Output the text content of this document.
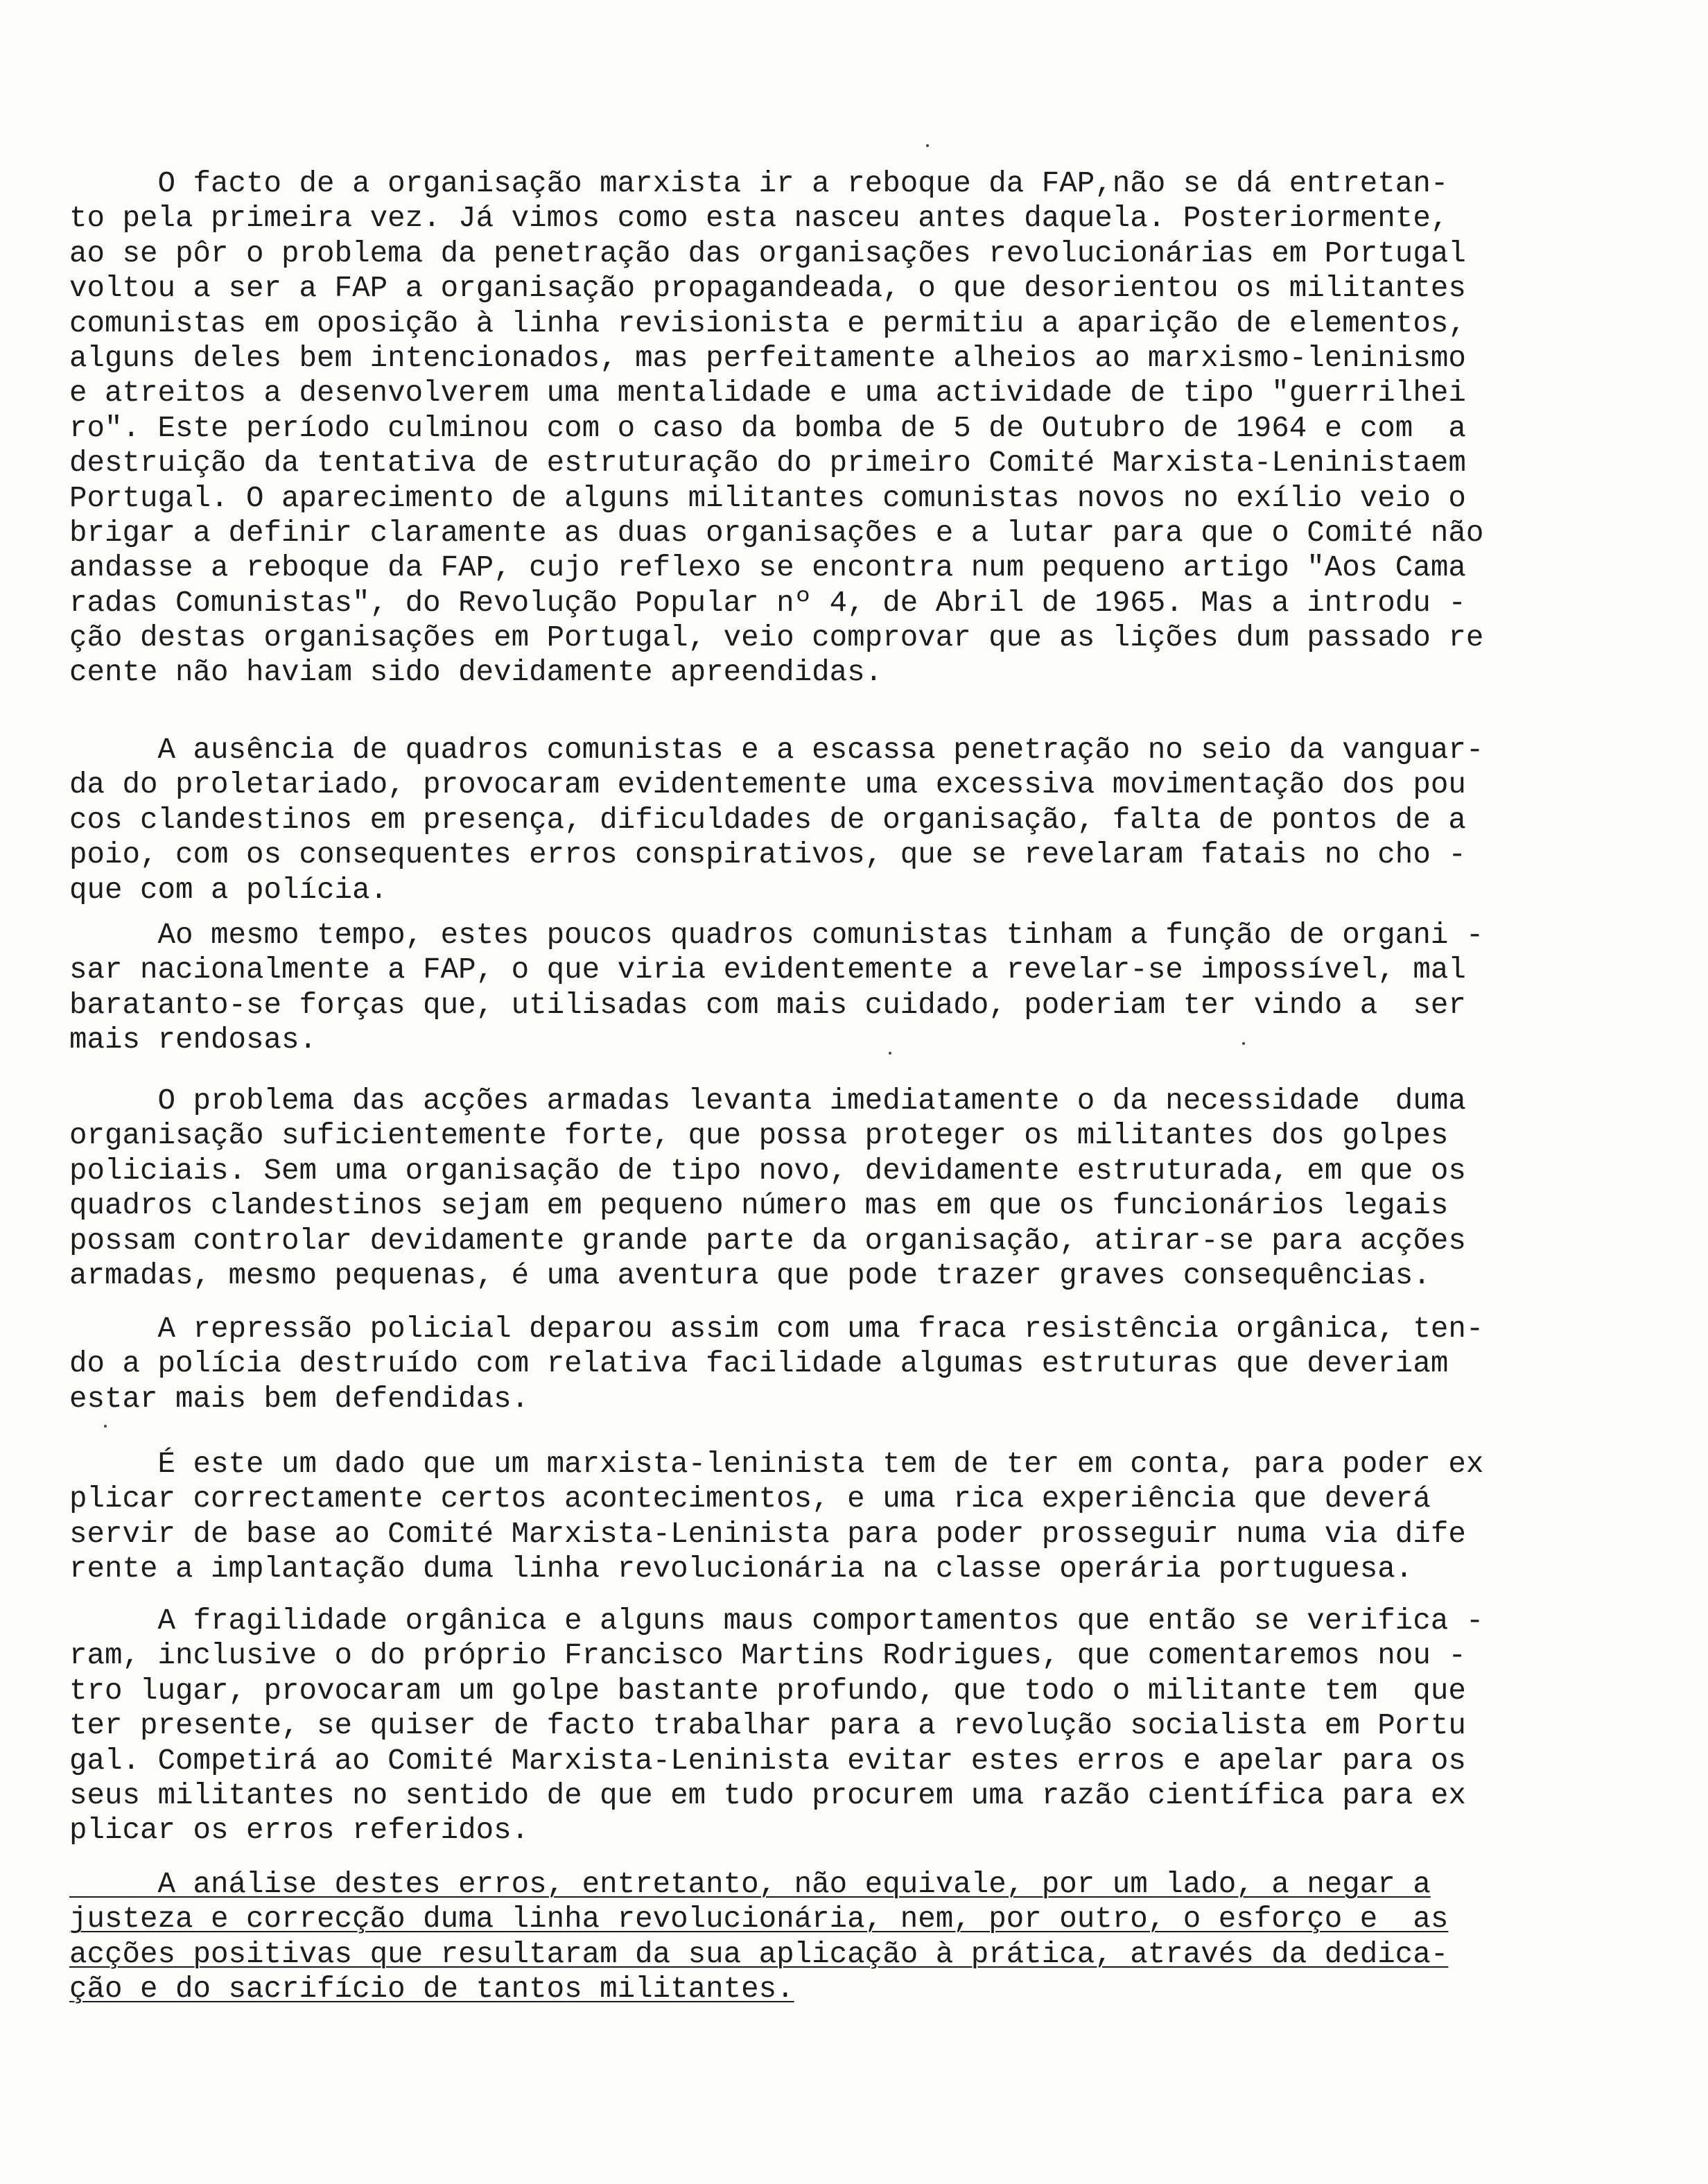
O facto de a organisação marxista ir a reboque da FAP,não se dá entretan-
to pela primeira vez. Já vimos como esta nasceu antes daquela. Posteriormente,
ao se pôr o problema da penetração das organisações revolucionárias em Portugal
voltou a ser a FAP a organisação propagandeada, o que desorientou os militantes
comunistas em oposição à linha revisionista e permitiu a aparição de elementos,
alguns deles bem intencionados, mas perfeitamente alheios ao marxismo-leninismo
e atreitos a desenvolverem uma mentalidade e uma actividade de tipo "guerrilhei
ro". Este período culminou com o caso da bomba de 5 de Outubro de 1964 e com  a
destruição da tentativa de estruturação do primeiro Comité Marxista-Leninistaem
Portugal. O aparecimento de alguns militantes comunistas novos no exílio veio o
brigar a definir claramente as duas organisações e a lutar para que o Comité não
andasse a reboque da FAP, cujo reflexo se encontra num pequeno artigo "Aos Cama
radas Comunistas", do Revolução Popular nº 4, de Abril de 1965. Mas a introdu -
ção destas organisações em Portugal, veio comprovar que as lições dum passado re
cente não haviam sido devidamente apreendidas.
A ausência de quadros comunistas e a escassa penetração no seio da vanguar-
da do proletariado, provocaram evidentemente uma excessiva movimentação dos pou
cos clandestinos em presença, dificuldades de organisação, falta de pontos de a
poio, com os consequentes erros conspirativos, que se revelaram fatais no cho -
que com a polícia.
Ao mesmo tempo, estes poucos quadros comunistas tinham a função de organi -
sar nacionalmente a FAP, o que viria evidentemente a revelar-se impossível, mal
baratanto-se forças que, utilisadas com mais cuidado, poderiam ter vindo a  ser
mais rendosas.
O problema das acções armadas levanta imediatamente o da necessidade  duma
organisação suficientemente forte, que possa proteger os militantes dos golpes
policiais. Sem uma organisação de tipo novo, devidamente estruturada, em que os
quadros clandestinos sejam em pequeno número mas em que os funcionários legais
possam controlar devidamente grande parte da organisação, atirar-se para acções
armadas, mesmo pequenas, é uma aventura que pode trazer graves consequências.
A repressão policial deparou assim com uma fraca resistência orgânica, ten-
do a polícia destruído com relativa facilidade algumas estruturas que deveriam
estar mais bem defendidas.
É este um dado que um marxista-leninista tem de ter em conta, para poder ex
plicar correctamente certos acontecimentos, e uma rica experiência que deverá
servir de base ao Comité Marxista-Leninista para poder prosseguir numa via dife
rente a implantação duma linha revolucionária na classe operária portuguesa.
A fragilidade orgânica e alguns maus comportamentos que então se verifica -
ram, inclusive o do próprio Francisco Martins Rodrigues, que comentaremos nou -
tro lugar, provocaram um golpe bastante profundo, que todo o militante tem  que
ter presente, se quiser de facto trabalhar para a revolução socialista em Portu
gal. Competirá ao Comité Marxista-Leninista evitar estes erros e apelar para os
seus militantes no sentido de que em tudo procurem uma razão científica para ex
plicar os erros referidos.
A análise destes erros, entretanto, não equivale, por um lado, a negar a
justeza e correcção duma linha revolucionária, nem, por outro, o esforço e  as
acções positivas que resultaram da sua aplicação à prática, através da dedica-
ção e do sacrifício de tantos militantes.
